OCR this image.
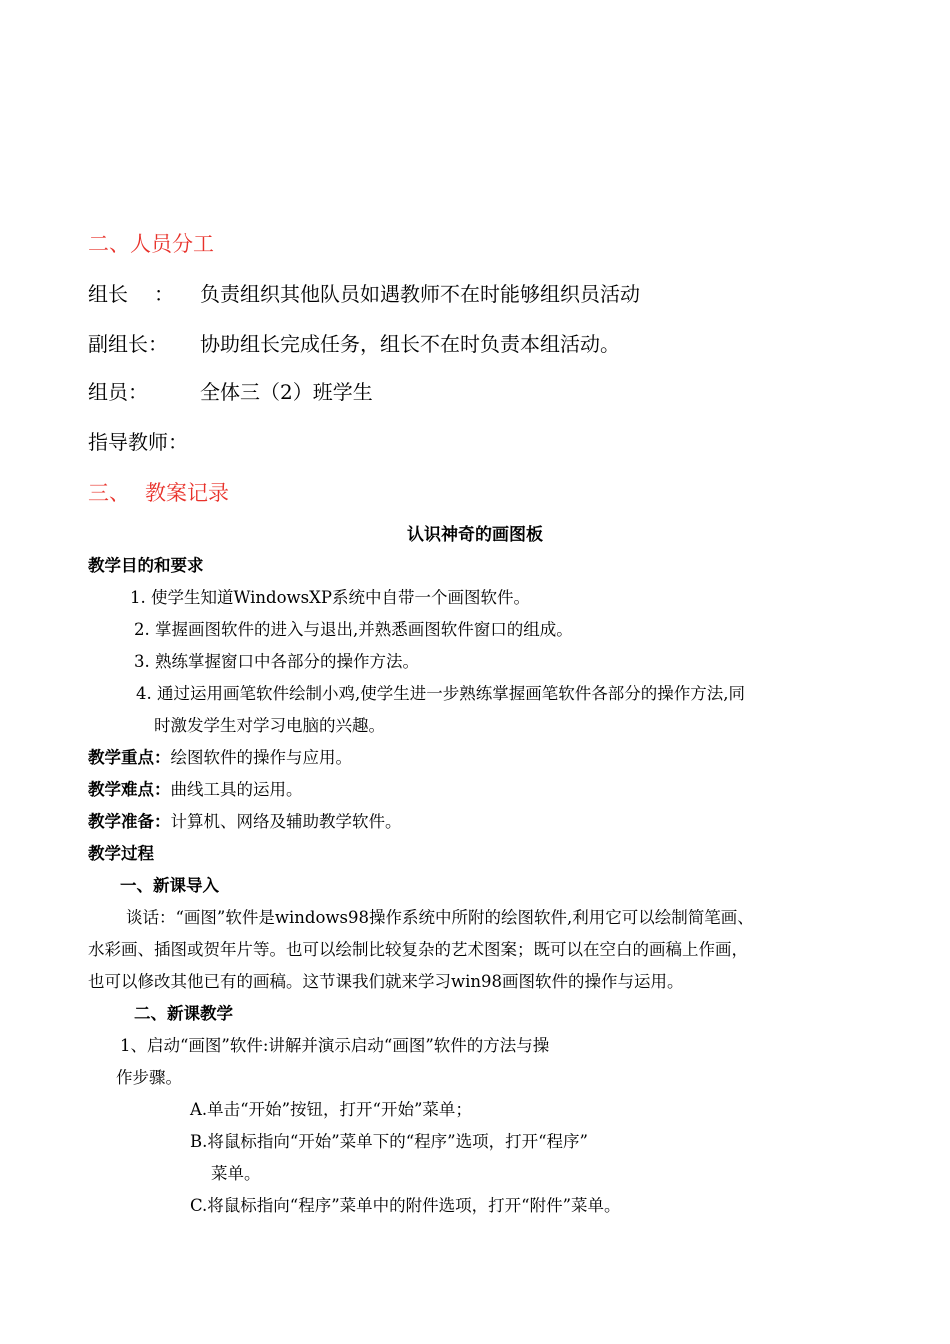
二、人员分工
组长 ： 负责组织其他队员如遇教师不在时能够组织员活动
副组长： 协助组长完成任务，组长不在时负责本组活动。
组员：	全体三（2）班学生
指导教师：
三、 教案记录
认识神奇的画图板
教学目的和要求
1. 使学生知道WindowsXP系统中自带一个画图软件。
2. 掌握画图软件的进入与退出,并熟悉画图软件窗口的组成。
3. 熟练掌握窗口中各部分的操作方法。
4. 通过运用画笔软件绘制小鸡,使学生进一步熟练掌握画笔软件各部分的操作方法,同
时激发学生对学习电脑的兴趣。
教学重点：绘图软件的操作与应用。
教学难点：曲线工具的运用。
教学准备：计算机、网络及辅助教学软件。
教学过程
一、新课导入
谈话：“画图”软件是windows98操作系统中所附的绘图软件,利用它可以绘制简笔画、
水彩画、插图或贺年片等。也可以绘制比较复杂的艺术图案；既可以在空白的画稿上作画，
也可以修改其他已有的画稿。这节课我们就来学习win98画图软件的操作与运用。
二、新课教学
1、启动“画图”软件:讲解并演示启动“画图”软件的方法与操
作步骤。
A.单击“开始”按钮，打开“开始”菜单；
B.将鼠标指向“开始”菜单下的“程序”选项，打开“程序”
菜单。
C.将鼠标指向“程序”菜单中的附件选项，打开“附件”菜单。
